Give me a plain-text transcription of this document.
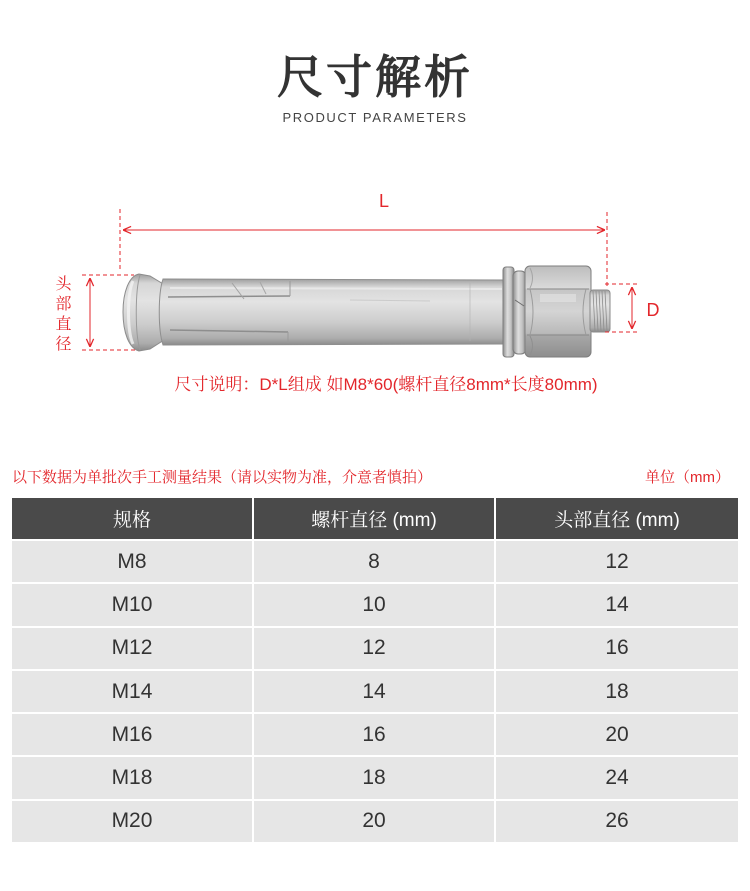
尺寸解析
PRODUCT PARAMETERS
L
D
头部直径
尺寸说明：D*L组成 如M8*60(螺杆直径8mm*长度80mm)
以下数据为单批次手工测量结果（请以实物为准，介意者慎拍）	单位（mm）
规格	螺杆直径 (mm)	头部直径 (mm)
M8	8	12
M10	10	14
M12	12	16
M14	14	18
M16	16	20
M18	18	24
M20	20	26
